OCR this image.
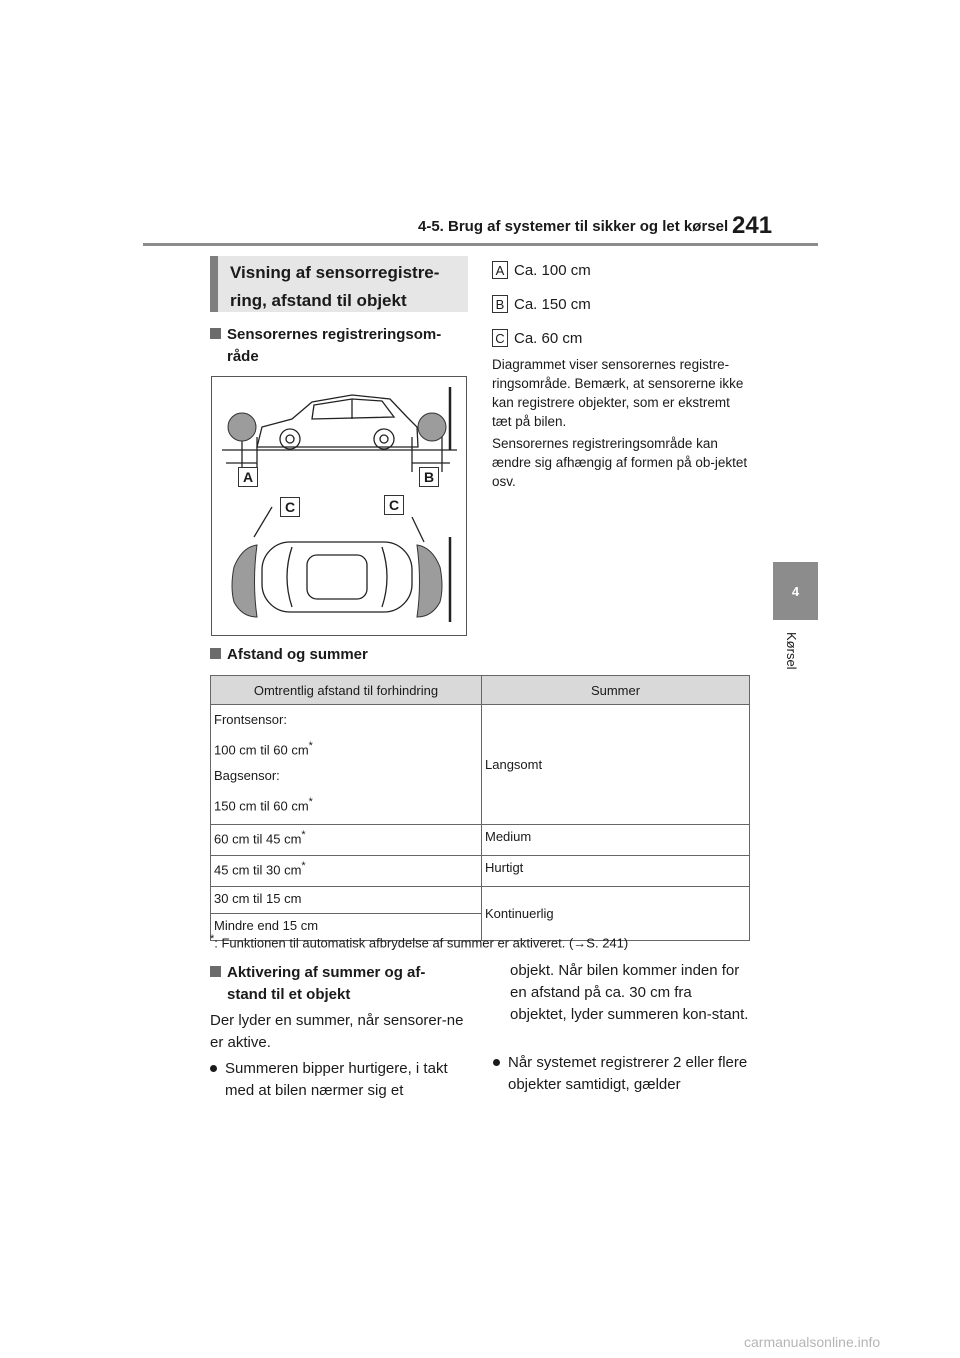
4-5. Brug af systemer til sikker og let kørsel 241
4
Kørsel
Visning af sensorregistre-
ring, afstand til objekt
Sensorernes registreringsom-
råde
A	B
C	C
A Ca. 100 cm
B Ca. 150 cm
C Ca. 60 cm
Diagrammet viser sensorernes registre-ringsområde. Bemærk, at sensorerne ikke kan registrere objekter, som er ekstremt tæt på bilen.
Sensorernes registreringsområde kan ændre sig afhængig af formen på ob-jektet osv.
Afstand og summer
Omtrentlig afstand til forhindring	Summer

Frontsensor:
100 cm til 60 cm*
Bagsensor:
150 cm til 60 cm*	Langsomt
60 cm til 45 cm*	Medium
45 cm til 30 cm*	Hurtigt
30 cm til 15 cm	Kontinuerlig
Mindre end 15 cm	
*: Funktionen til automatisk afbrydelse af summer er aktiveret. (→S. 241)
Aktivering af summer og af-
stand til et objekt
Der lyder en summer, når sensorer-ne er aktive.
Summeren bipper hurtigere, i takt med at bilen nærmer sig et
objekt. Når bilen kommer inden for en afstand på ca. 30 cm fra objektet, lyder summeren kon-stant.
Når systemet registrerer 2 eller flere objekter samtidigt, gælder
carmanualsonline.info
